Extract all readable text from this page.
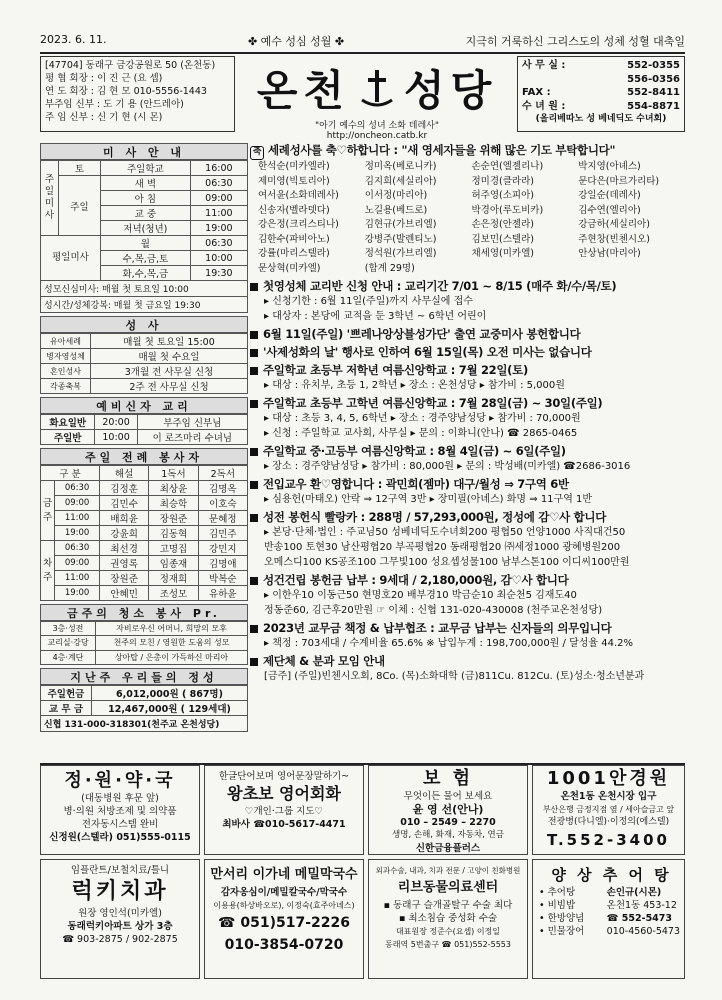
2023. 6. 11.	✤ 예수 성심 성월 ✤	지극히 거룩하신 그리스도의 성체 성혈 대축일
[47704] 동래구 금강공원로 50 (온천동)
평 협 회장 : 이 진 근 (요 셉)
연 도 회장 : 김 현 모 010-5556-1443
부주임 신부 : 도 기 용 (안드레아)
주 임 신부 : 신 기 현 (시 몬)
온천 성당
"아기 예수의 성녀 소화 데레사"
http://oncheon.catb.kr
사 무 실 :	552-0355
556-0356
FAX :	552-8411
수 녀 원 :	554-8871
(올리베따노 성 베네딕도 수녀회)
미 사 안 내
주일미사	토	주일학교	16:00
	주일	새 벽	06:30
		아 침	09:00
		교 중	11:00
		저녁(청년)	19:00
평일미사		월	06:30
		수,목,금,토	10:00
		화,수,목,금	19:30
성모신심미사: 매월 첫 토요일 10:00
성시간/성체강복: 매월 첫 금요일 19:30
성 사
유아세례	매월 첫 토요일 15:00
병자영성체	매월 첫 수요일
혼인성사	3개월 전 사무실 신청
각종축복	2주 전 사무실 신청
예비신자 교리
화요일반	20:00	부주임 신부님
주일반	10:00	이 로즈마리 수녀님
주일 전례 봉사자
구 분		해설	1독서	2독서
금주	06:30	김정훈	최상윤	김명옥
	09:00	김민수	최승학	이호숙
	11:00	배희윤	장원준	문혜정
	19:00	강윤희	김동혁	김민주
차주	06:30	최선경	고명집	강민지
	09:00	권영록	임종재	김명애
	11:00	장원준	정재희	박복순
	19:00	안혜민	조성모	유하윤
금주의 청소 봉사 Pr.
3층·성전	자비로우신 어머니, 희망의 모후
교리실·강당	천주의 모친 / 영원한 도움의 성모
4층·계단	상아탑 / 은총이 가득하신 마리아
지난주 우리들의 정성
주일헌금	6,012,000원 ( 867명)
교 무 금	12,467,000원 ( 129세대)
신협 131-000-318301(천주교 온천성당)
축 세례성사를 축♡하합니다 : "새 영세자들을 위해 많은 기도 부탁합니다"
한석순(미카엘라)	정미옥(베로니카)	손순연(엘젤리나)	박지영(아녜스)
제미영(빅토리아)	김지희(세실리아)	정미경(클라라)	문다은(마르가리타)
여서윤(소화데레사)	이서정(마리아)	허주영(소피아)	강일순(데레사)
신송자(벨라뎃다)	노길용(베드로)	박경아(루도비카)	김수연(엘리아)
강은정(크리스티나)	김현규(가브리엘)	손은정(안젤라)	강금하(세실리아)
김한수(파비아노)	강병주(발렌티노)	김보민(스텔라)	주현창(빈첸시오)
강률(마리스텔라)	정석원(가브리엘)	채세영(미카엘)	안상남(마리아)
문상혁(미카엘)	(합계 29명)
첫영성체 교리반 신청 안내 : 교리기간 7/01 ~ 8/15 (매주 화/수/목/토)
▸ 신청기한 : 6월 11일(주일)까지 사무실에 접수
▸ 대상자 : 본당에 교적을 둔 3학년 ~ 6학년 어린이
6월 11일(주일) '쁘레나앙상블성가단' 출연 교중미사 봉헌합니다
'사제성화의 날' 행사로 인하여 6월 15일(목) 오전 미사는 없습니다
주일학교 초등부 저학년 여름신앙학교 : 7월 22일(토)
▸ 대상 : 유치부, 초등 1, 2학년 ▸ 장소 : 온천성당 ▸ 참가비 : 5,000원
주일학교 초등부 고학년 여름신앙학교 : 7월 28일(금) ~ 30일(주일)
▸ 대상 : 초등 3, 4, 5, 6학년 ▸ 장소 : 경주양남성당 ▸ 참가비 : 70,000원
▸ 신청 : 주일학교 교사회, 사무실 ▸ 문의 : 이화니(안나) ☎ 2865-0465
주일학교 중·고등부 여름신앙학교 : 8월 4일(금) ~ 6일(주일)
▸ 장소 : 경주양남성당 ▸ 참가비 : 80,000원 ▸ 문의 : 박성배(미카엘) ☎2686-3016
전입교우 환♡영합니다 : 곽민희(젬마) 대구/월성 ⇒ 7구역 6반
▸ 심용헌(마태오) 안락 ⇒ 12구역 3반 ▸ 장미필(아녜스) 화명 ⇒ 11구역 1반
성전 봉헌식 빨랑카 : 288명 / 57,293,000원, 정성에 감♡사 합니다
▸ 본당·단체·법인 : 주교님50 성베네딕도수녀회200 평협50 언양1000 사직대건50
반송100 토현30 남산평협20 부곡평협20 동래평협20 ㈜세정1000 광혜병원200
오메스디100 KS공조100 그무빛100 성요셉성물100 남부스톤100 이디씨100만원
성건건립 봉헌금 납부 : 9세대 / 2,180,000원, 감♡사 합니다
▸ 이한우10 이동근50 현명호20 배부경10 박금순10 최순천5 김재도40
정동준60, 김근후20만원 ☞ 이체 : 신협 131-020-430008 (천주교온천성당)
2023년 교무금 책정 & 납부협조 : 교무금 납부는 신자들의 의무입니다
▸ 책정 : 703세대 / 수계비율 65.6% ※ 납입누계 : 198,700,000원 / 달성율 44.2%
제단체 & 분과 모임 안내
[금주] (주일)빈첸시오회, 8Co. (목)소화대학 (금)811Cu. 812Cu. (토)성소·청소년분과
정·원·약·국
(대동병원 후문 앞)
병·의원 처방조제 및 의약품
전자동시스템 완비
신정원(스텔라) 051)555-0115
한글단어보며 영어문장말하기~
왕초보 영어회화
♡개인·그룹 지도♡
최바사 ☎010-5617-4471
보 험
무엇이든 물어 보세요
윤 영 선(안나)
010 – 2549 – 2270
생명, 손해, 화재, 자동차, 연금
신한금융플러스
1001안경원
온천1동 온천시장 입구
부산은행 금정지점 옆 / 세아슬금고 앞
전광병(다니엘)·이정의(에스텔)
T.552-3400
임플란트/보철치료/틀니
럭키치과
원장 영인석(미카엘)
동래럭키아파트 상가 3층
☎ 903-2875 / 902-2875
만서리 이가네 메밀막국수
감자옹심이/메밀칼국수/막국수
이용용(하상바오로), 이정숙(효주아녜스)
☎ 051)517-2226
010-3854-0720
외과수술, 내과, 치과 전문 / 고양이 친화병원
리브동물의료센터
▪ 동래구 슬개골탈구 수술 최다
▪ 최소침습 중성화 수술
대표원장 정준수(요셉) 이정일
동래역 5번출구 ☎ 051)552-5553
양 상 추 어 탕
• 추어탕
• 비빔밥
• 한방양념
• 민물장어
손인규(시몬)
온천1동 453-12
☎ 552-5473
010-4560-5473
